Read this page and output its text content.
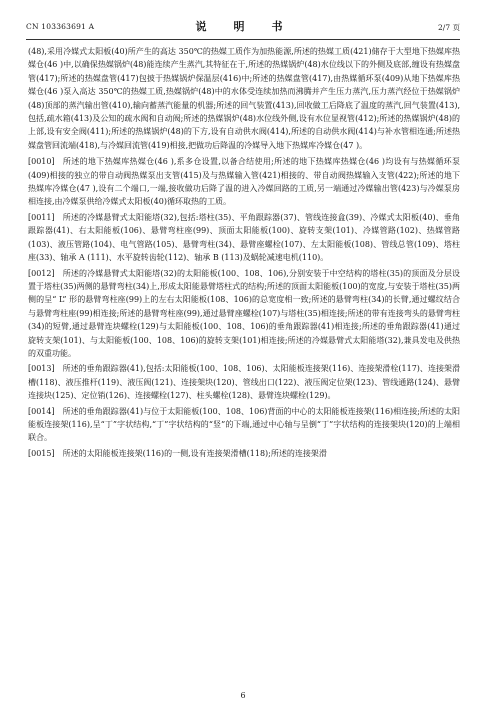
CN 103363691 A	说　明　书	2/7 页

(48),采用冷媒式太阳板(40)所产生的高达 350℃的热媒工质作为加热能源,所述的热媒工质(421)储存于大型地下热媒库热媒仓(46 )中,以确保热媒锅炉(48)能连续产生蒸汽,其特征在于,所述的热媒锅炉(48)水位线以下的外侧及底部,缠设有热媒盘管(417);所述的热媒盘管(417)包披于热媒锅炉保温层(416)中;所述的热媒盘管(417),由热媒循环泵(409)从地下热媒库热媒仓(46 )泵入高达 350℃的热媒工质,热媒锅炉(48)中的水体受连续加热而沸腾并产生压力蒸汽,压力蒸汽经位于热媒锅炉(48)顶部的蒸汽输出管(410),输向蓄蒸汽能量的机器;所述的回气装置(413),回收做工后降底了温度的蒸汽,回气装置(413),包括,疏水箱(413)及公知的疏水阀和自动阀;所述的热媒锅炉(48)水位线外侧,设有水位显视管(412);所述的热媒锅炉(48)的上部,设有安全阀(411);所述的热媒锅炉(48)的下方,设有自动供水阀(414),所述的自动供水阀(414)与补水管相连通;所述热媒盘管回流端(418),与冷媒回流管(419)相接,把做功后降温的冷媒导入地下热媒库冷媒仓(47 )。

[0010] 所述的地下热媒库热媒仓(46 ),系多仓设置,以备合结使用;所述的地下热媒库热媒仓(46 )均设有与热媒循环泵(409)相接的独立的带自动阀热媒泵出支管(415)及与热媒输入管(421)相接的、带自动阀热媒输入支管(422);所述的地下热媒库冷媒仓(47 ),设有二个端口,一端,接收做功后降了温的进入冷媒回路的工质,另一端通过冷媒输出管(423)与冷媒泵房相连接,由冷媒泵供给冷媒式太阳板(40)循环取热的工质。

[0011] 所述的冷媒悬臂式太阳能塔(32),包括:塔柱(35)、平角跟踪器(37)、管线连接盒(39)、冷媒式太阳板(40)、垂角跟踪器(41)、右太阳能板(106)、悬臂弯柱座(99)、顶面太阳能板(100)、旋转支架(101)、冷媒管路(102)、热媒管路(103)、液压管路(104)、电气管路(105)、悬臂弯柱(34)、悬臂座螺栓(107)、左太阳能板(108)、管线总管(109)、塔柱座(33)、轴承 A (111)、水平旋转齿轮(112)、轴承 B (113)及蜗轮减速电机(110)。

[0012] 所述的冷媒悬臂式太阳能塔(32)的太阳能板(100、108、106),分别安装于中空结构的塔柱(35)的顶面及分层设置于塔柱(35)两侧的悬臂弯柱(34)上,形成太阳能悬臂塔柱式的结构;所述的顶面太阳能板(100)的宽度,与安装于塔柱(35)两侧的呈“ L” 形的悬臂弯柱座(99)上的左右太阳能板(108、106)的总宽度相一致;所述的悬臂弯柱(34)的长臂,通过螺纹结合与悬臂弯柱座(99)相连接;所述的悬臂弯柱座(99),通过悬臂座螺栓(107)与塔柱(35)相连接;所述的带有连接弯头的悬臂弯柱(34)的短臂,通过悬臂连块螺栓(129)与太阳能板(100、108、106)的垂角跟踪器(41)相连接;所述的垂角跟踪器(41)通过旋转支架(101)、与太阳能板(100、108、106)的旋转支架(101)相连接;所述的冷媒悬臂式太阳能塔(32),兼具发电及供热的双重功能。

[0013] 所述的垂角跟踪器(41),包括:太阳能板(100、108、106)、太阳能板连接架(116)、连接架滑栓(117)、连接架滑槽(118)、液压推杆(119)、液压阀(121)、连接架块(120)、管线出口(122)、液压阀定位架(123)、管线通路(124)、悬臂连接块(125)、定位销(126)、连接螺栓(127)、柱头螺栓(128)、悬臂连块螺栓(129)。

[0014] 所述的垂角跟踪器(41)与位于太阳能板(100、108、106)背面的中心的太阳能板连接架(116)相连接;所述的太阳能板连接架(116),呈“丁”字状结构,“丁”字状结构的“竖”的下端,通过中心轴与呈倒“丁”字状结构的连接架块(120)的上端相联合。

[0015] 所述的太阳能板连接架(116)的一侧,设有连接架滑槽(118);所述的连接架滑

6
